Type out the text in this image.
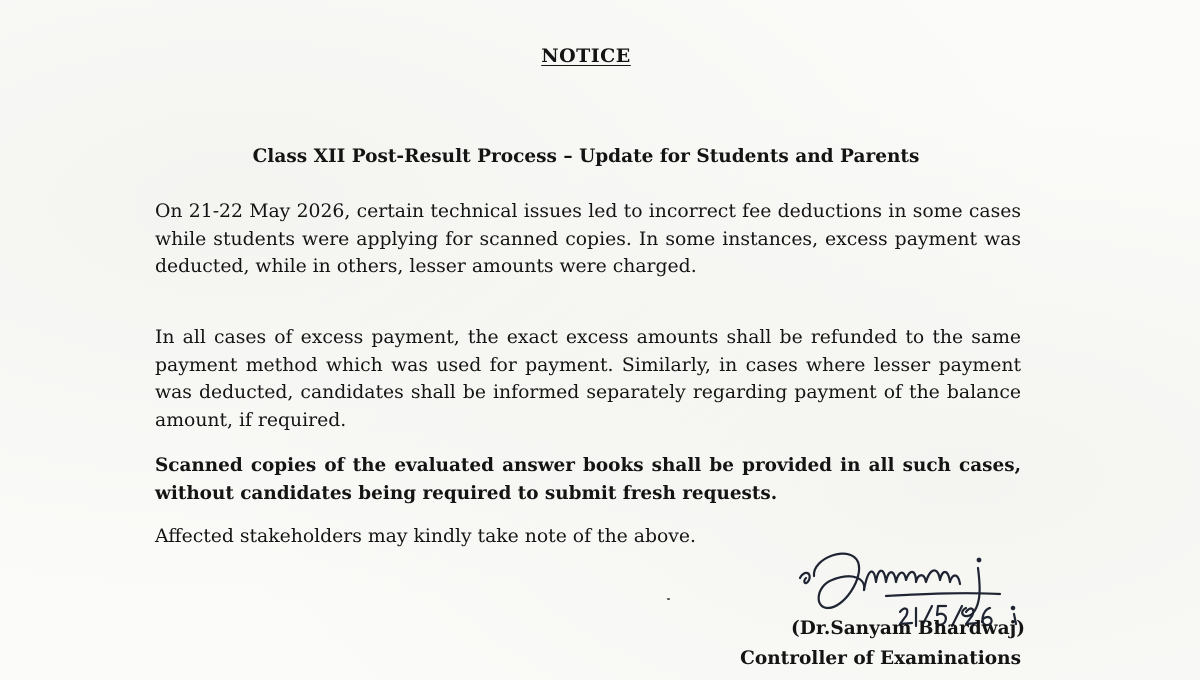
NOTICE
Class XII Post-Result Process – Update for Students and Parents

On 21-22 May 2026, certain technical issues led to incorrect fee deductions in some cases while students were applying for scanned copies. In some instances, excess payment was deducted, while in others, lesser amounts were charged.

In all cases of excess payment, the exact excess amounts shall be refunded to the same payment method which was used for payment. Similarly, in cases where lesser payment was deducted, candidates shall be informed separately regarding payment of the balance amount, if required.

Scanned copies of the evaluated answer books shall be provided in all such cases, without candidates being required to submit fresh requests.

Affected stakeholders may kindly take note of the above.

(Dr.Sanyam Bhardwaj)

Controller of Examinations
